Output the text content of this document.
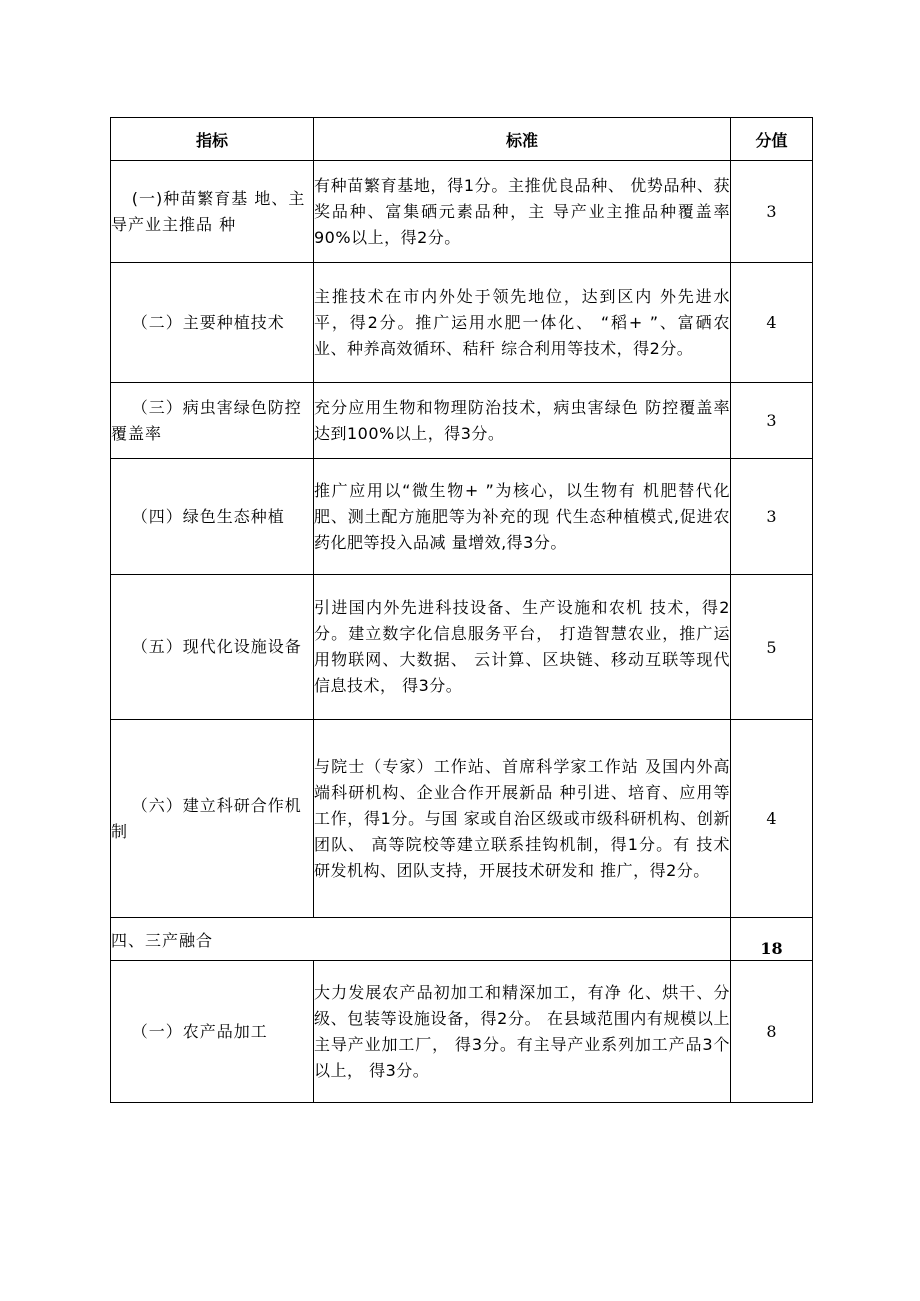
指标	标准	分值
(一)种苗繁育基 地、主导产业主推品 种	有种苗繁育基地，得1分。主推优良品种、 优势品种、获奖品种、富集硒元素品种，主 导产业主推品种覆盖率90%以上，得2分。	3
（二）主要种植技术	主推技术在市内外处于领先地位，达到区内 外先进水平，得2分。推广运用水肥一体化、 “稻+ ”、富硒农业、种养高效循环、秸秆 综合利用等技术，得2分。	4
（三）病虫害绿色防控覆盖率	充分应用生物和物理防治技术，病虫害绿色 防控覆盖率达到100%以上，得3分。	3
（四）绿色生态种植	推广应用以“微生物+ ”为核心，以生物有 机肥替代化肥、测土配方施肥等为补充的现 代生态种植模式,促进农药化肥等投入品减 量增效,得3分。	3
（五）现代化设施设备	引进国内外先进科技设备、生产设施和农机 技术，得2分。建立数字化信息服务平台， 打造智慧农业，推广运用物联网、大数据、 云计算、区块链、移动互联等现代信息技术， 得3分。	5
（六）建立科研合作机制	与院士（专家）工作站、首席科学家工作站 及国内外高端科研机构、企业合作开展新品 种引进、培育、应用等工作，得1分。与国 家或自治区级或市级科研机构、创新团队、 高等院校等建立联系挂钩机制，得1分。有 技术研发机构、团队支持，开展技术研发和 推广，得2分。	4
四、三产融合		18
（一）农产品加工	大力发展农产品初加工和精深加工，有净 化、烘干、分级、包装等设施设备，得2分。 在县域范围内有规模以上主导产业加工厂， 得3分。有主导产业系列加工产品3个以上， 得3分。	8
